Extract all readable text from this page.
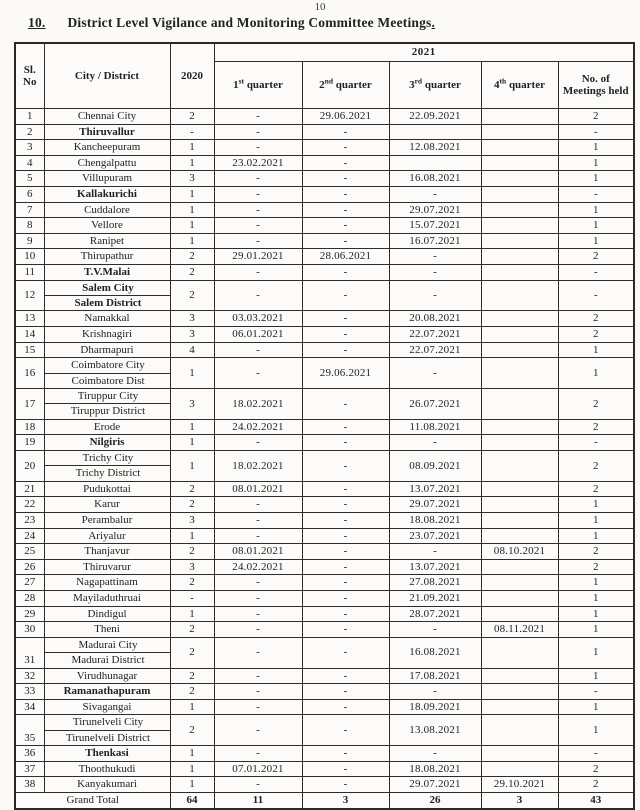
10
10. District Level Vigilance and Monitoring Committee Meetings.
Sl. No	City / District	2020	2021				
			1st quarter	2nd quarter	3rd quarter	4th quarter	No. of Meetings held
1	Chennai City	2	-	29.06.2021	22.09.2021		2
2	Thiruvallur	-	-	-			-
3	Kancheepuram	1	-	-	12.08.2021		1
4	Chengalpattu	1	23.02.2021	-			1
5	Villupuram	3	-	-	16.08.2021		1
6	Kallakurichi	1	-	-	-		-
7	Cuddalore	1	-	-	29.07.2021		1
8	Vellore	1	-	-	15.07.2021		1
9	Ranipet	1	-	-	16.07.2021		1
10	Thirupathur	2	29.01.2021	28.06.2021	-		2
11	T.V.Malai	2	-	-	-		-
12	Salem City
Salem District	2	-	-	-		-
13	Namakkal	3	03.03.2021	-	20.08.2021		2
14	Krishnagiri	3	06.01.2021	-	22.07.2021		2
15	Dharmapuri	4	-	-	22.07.2021		1
16	Coimbatore City
Coimbatore Dist	1	-	29.06.2021	-		1
17	Tiruppur City
Tiruppur District	3	18.02.2021	-	26.07.2021		2
18	Erode	1	24.02.2021	-	11.08.2021		2
19	Nilgiris	1	-	-	-		-
20	Trichy City
Trichy District	1	18.02.2021	-	08.09.2021		2
21	Pudukottai	2	08.01.2021	-	13.07.2021		2
22	Karur	2	-	-	29.07.2021		1
23	Perambalur	3	-	-	18.08.2021		1
24	Ariyalur	1	-	-	23.07.2021		1
25	Thanjavur	2	08.01.2021	-	-	08.10.2021	2
26	Thiruvarur	3	24.02.2021	-	13.07.2021		2
27	Nagapattinam	2	-	-	27.08.2021		1
28	Mayiladuthruai	-	-	-	21.09.2021		1
29	Dindigul	1	-	-	28.07.2021		1
30	Theni	2	-	-	-	08.11.2021	1
31	Madurai City
Madurai District	2	-	-	16.08.2021		1
32	Virudhunagar	2	-	-	17.08.2021		1
33	Ramanathapuram	2	-	-	-		-
34	Sivagangai	1	-	-	18.09.2021		1
35	Tirunelveli City
Tirunelveli District	2	-	-	13.08.2021		1
36	Thenkasi	1	-	-	-		-
37	Thoothukudi	1	07.01.2021	-	18.08.2021		2
38	Kanyakumari	1	-	-	29.07.2021	29.10.2021	2
Grand Total		64	11	3	26	3	43
